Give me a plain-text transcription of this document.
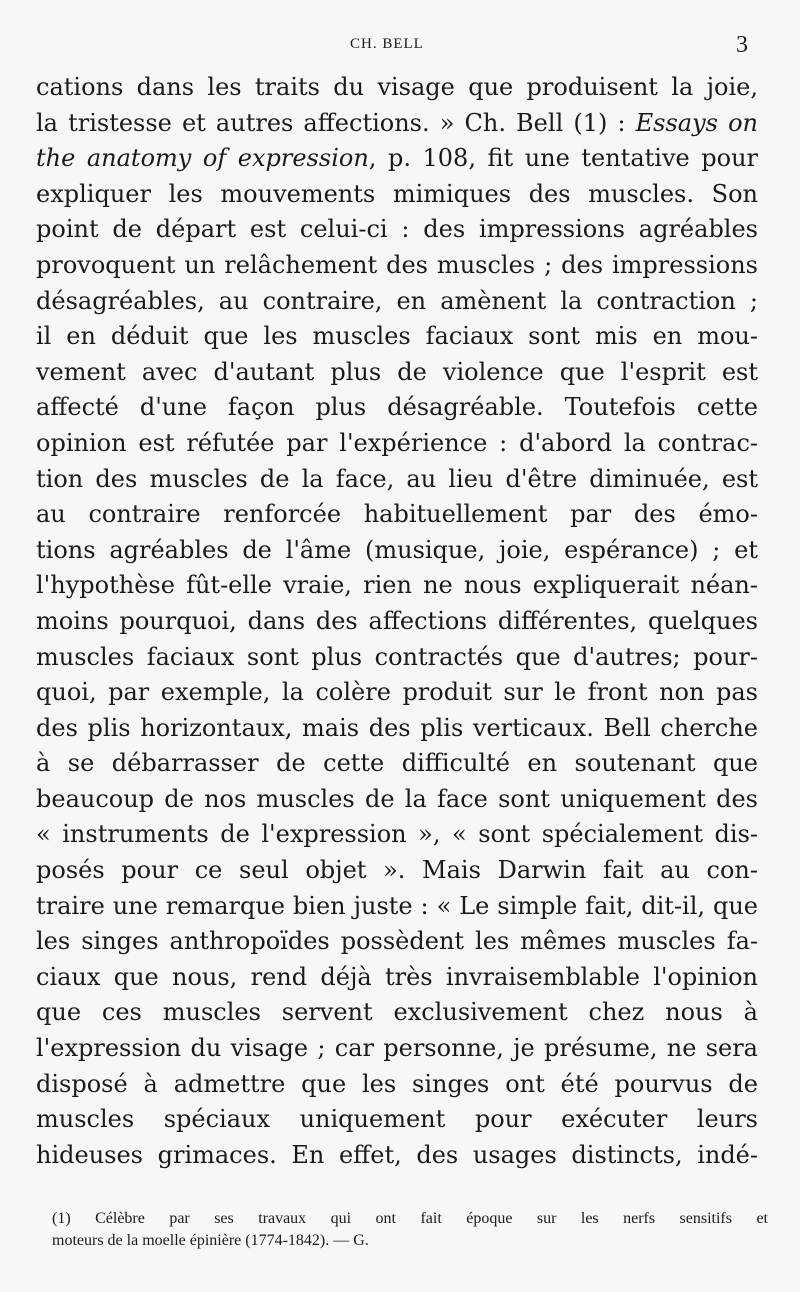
CH. BELL	3
cations dans les traits du visage que produisent la joie,
la tristesse et autres affections. » Ch. Bell (1) : Essays on
the anatomy of expression, p. 108, fit une tentative pour
expliquer les mouvements mimiques des muscles. Son
point de départ est celui-ci : des impressions agréables
provoquent un relâchement des muscles ; des impressions
désagréables, au contraire, en amènent la contraction ;
il en déduit que les muscles faciaux sont mis en mou-
vement avec d'autant plus de violence que l'esprit est
affecté d'une façon plus désagréable. Toutefois cette
opinion est réfutée par l'expérience : d'abord la contrac-
tion des muscles de la face, au lieu d'être diminuée, est
au contraire renforcée habituellement par des émo-
tions agréables de l'âme (musique, joie, espérance) ; et
l'hypothèse fût-elle vraie, rien ne nous expliquerait néan-
moins pourquoi, dans des affections différentes, quelques
muscles faciaux sont plus contractés que d'autres; pour-
quoi, par exemple, la colère produit sur le front non pas
des plis horizontaux, mais des plis verticaux. Bell cherche
à se débarrasser de cette difficulté en soutenant que
beaucoup de nos muscles de la face sont uniquement des
« instruments de l'expression », « sont spécialement dis-
posés pour ce seul objet ». Mais Darwin fait au con-
traire une remarque bien juste : « Le simple fait, dit-il, que
les singes anthropoïdes possèdent les mêmes muscles fa-
ciaux que nous, rend déjà très invraisemblable l'opinion
que ces muscles servent exclusivement chez nous à
l'expression du visage ; car personne, je présume, ne sera
disposé à admettre que les singes ont été pourvus de
muscles spéciaux uniquement pour exécuter leurs
hideuses grimaces. En effet, des usages distincts, indé-
(1) Célèbre par ses travaux qui ont fait époque sur les nerfs sensitifs et
moteurs de la moelle épinière (1774-1842). — G.
